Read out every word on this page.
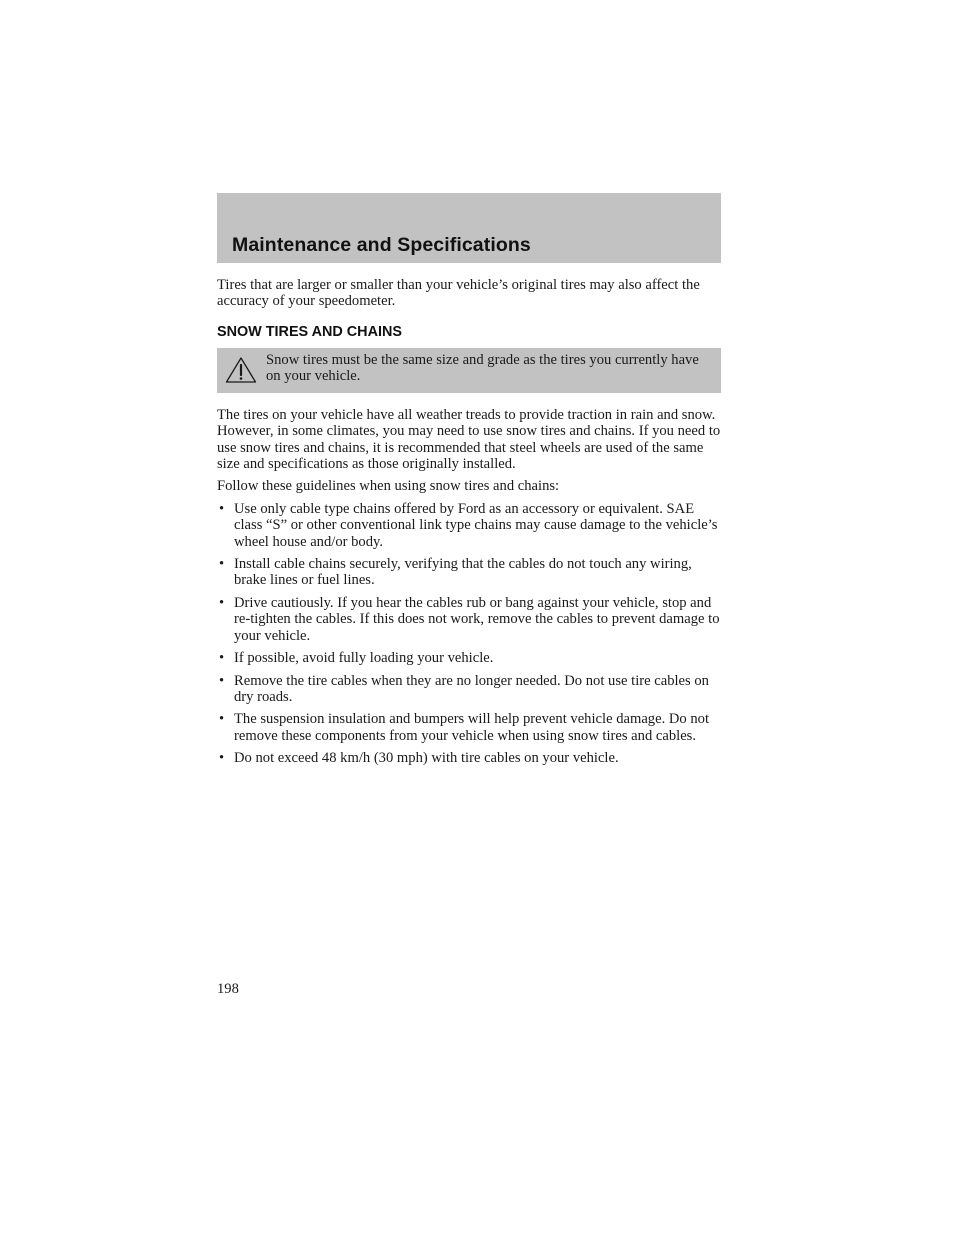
Maintenance and Specifications

Tires that are larger or smaller than your vehicle’s original tires may also affect the accuracy of your speedometer.

SNOW TIRES AND CHAINS

Snow tires must be the same size and grade as the tires you currently have on your vehicle.

The tires on your vehicle have all weather treads to provide traction in rain and snow. However, in some climates, you may need to use snow tires and chains. If you need to use snow tires and chains, it is recommended that steel wheels are used of the same size and specifications as those originally installed.

Follow these guidelines when using snow tires and chains:

• Use only cable type chains offered by Ford as an accessory or equivalent. SAE class “S” or other conventional link type chains may cause damage to the vehicle’s wheel house and/or body.
• Install cable chains securely, verifying that the cables do not touch any wiring, brake lines or fuel lines.
• Drive cautiously. If you hear the cables rub or bang against your vehicle, stop and re-tighten the cables. If this does not work, remove the cables to prevent damage to your vehicle.
• If possible, avoid fully loading your vehicle.
• Remove the tire cables when they are no longer needed. Do not use tire cables on dry roads.
• The suspension insulation and bumpers will help prevent vehicle damage. Do not remove these components from your vehicle when using snow tires and cables.
• Do not exceed 48 km/h (30 mph) with tire cables on your vehicle.

198
